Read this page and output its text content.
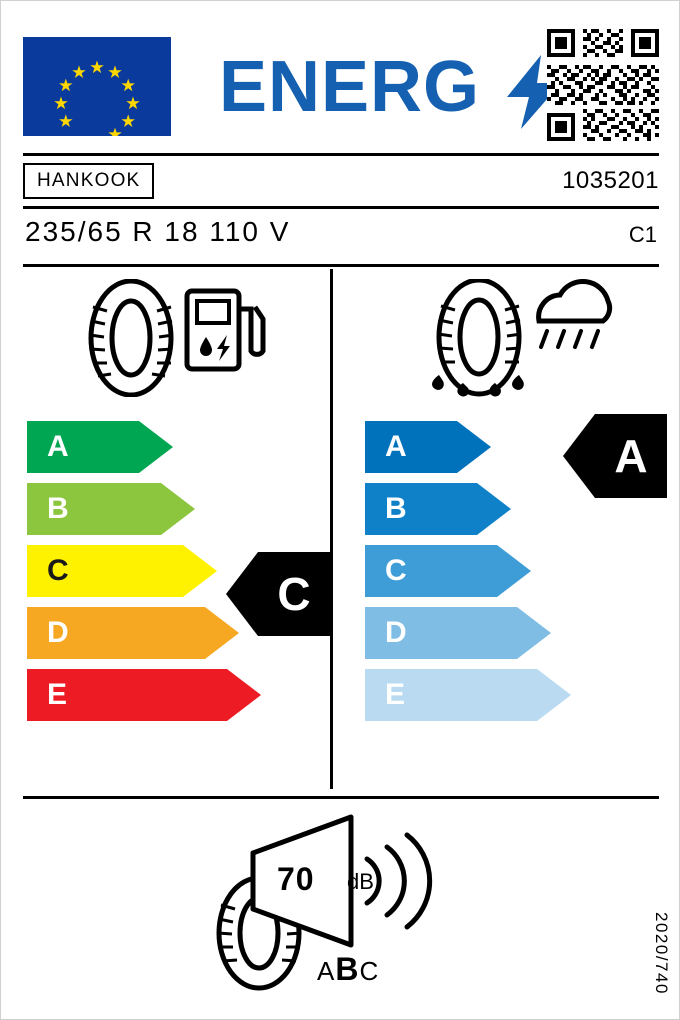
ENERG
HANKOOK	1035201
235/65 R 18 110 V	C1
A
B
C
D
E
A
B
C
D
E
C
A
70 dB
ABC	2020/740
